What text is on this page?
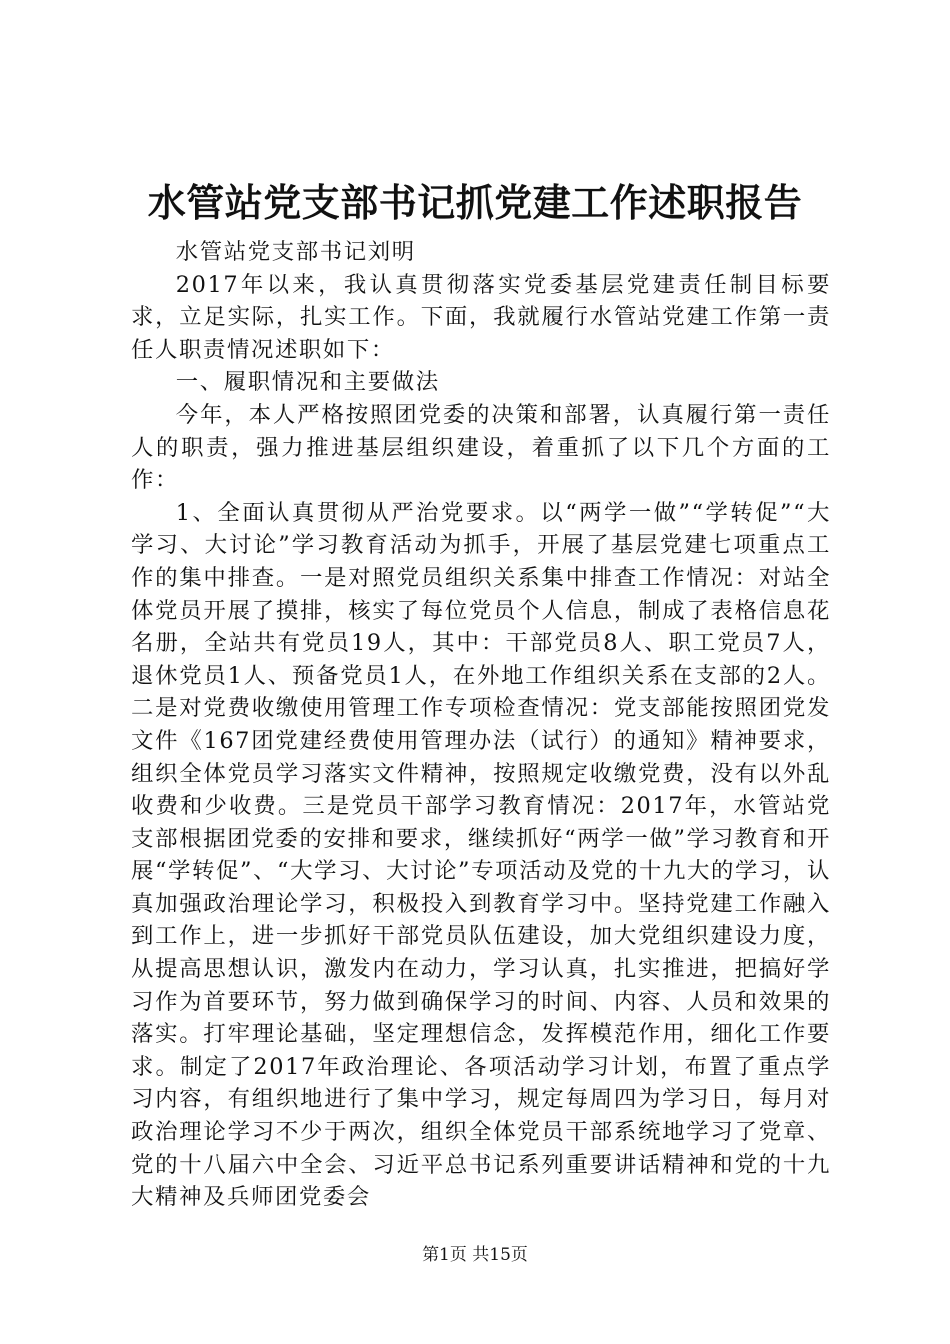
水管站党支部书记抓党建工作述职报告

水管站党支部书记刘明

2017年以来，我认真贯彻落实党委基层党建责任制目标要求，立足实际，扎实工作。下面，我就履行水管站党建工作第一责任人职责情况述职如下：

一、履职情况和主要做法

今年，本人严格按照团党委的决策和部署，认真履行第一责任人的职责，强力推进基层组织建设，着重抓了以下几个方面的工作：

1、全面认真贯彻从严治党要求。以“两学一做”“学转促”“大学习、大讨论”学习教育活动为抓手，开展了基层党建七项重点工作的集中排查。一是对照党员组织关系集中排查工作情况：对站全体党员开展了摸排，核实了每位党员个人信息，制成了表格信息花名册，全站共有党员19人，其中：干部党员8人、职工党员7人，退休党员1人、预备党员1人，在外地工作组织关系在支部的2人。二是对党费收缴使用管理工作专项检查情况：党支部能按照团党发文件《167团党建经费使用管理办法（试行）的通知》精神要求，组织全体党员学习落实文件精神，按照规定收缴党费，没有以外乱收费和少收费。三是党员干部学习教育情况：2017年，水管站党支部根据团党委的安排和要求，继续抓好“两学一做”学习教育和开展“学转促”、“大学习、大讨论”专项活动及党的十九大的学习，认真加强政治理论学习，积极投入到教育学习中。坚持党建工作融入到工作上，进一步抓好干部党员队伍建设，加大党组织建设力度，从提高思想认识，激发内在动力，学习认真，扎实推进，把搞好学习作为首要环节，努力做到确保学习的时间、内容、人员和效果的落实。打牢理论基础，坚定理想信念，发挥模范作用，细化工作要求。制定了2017年政治理论、各项活动学习计划，布置了重点学习内容，有组织地进行了集中学习，规定每周四为学习日，每月对政治理论学习不少于两次，组织全体党员干部系统地学习了党章、党的十八届六中全会、习近平总书记系列重要讲话精神和党的十九大精神及兵师团党委会

第1页 共15页
